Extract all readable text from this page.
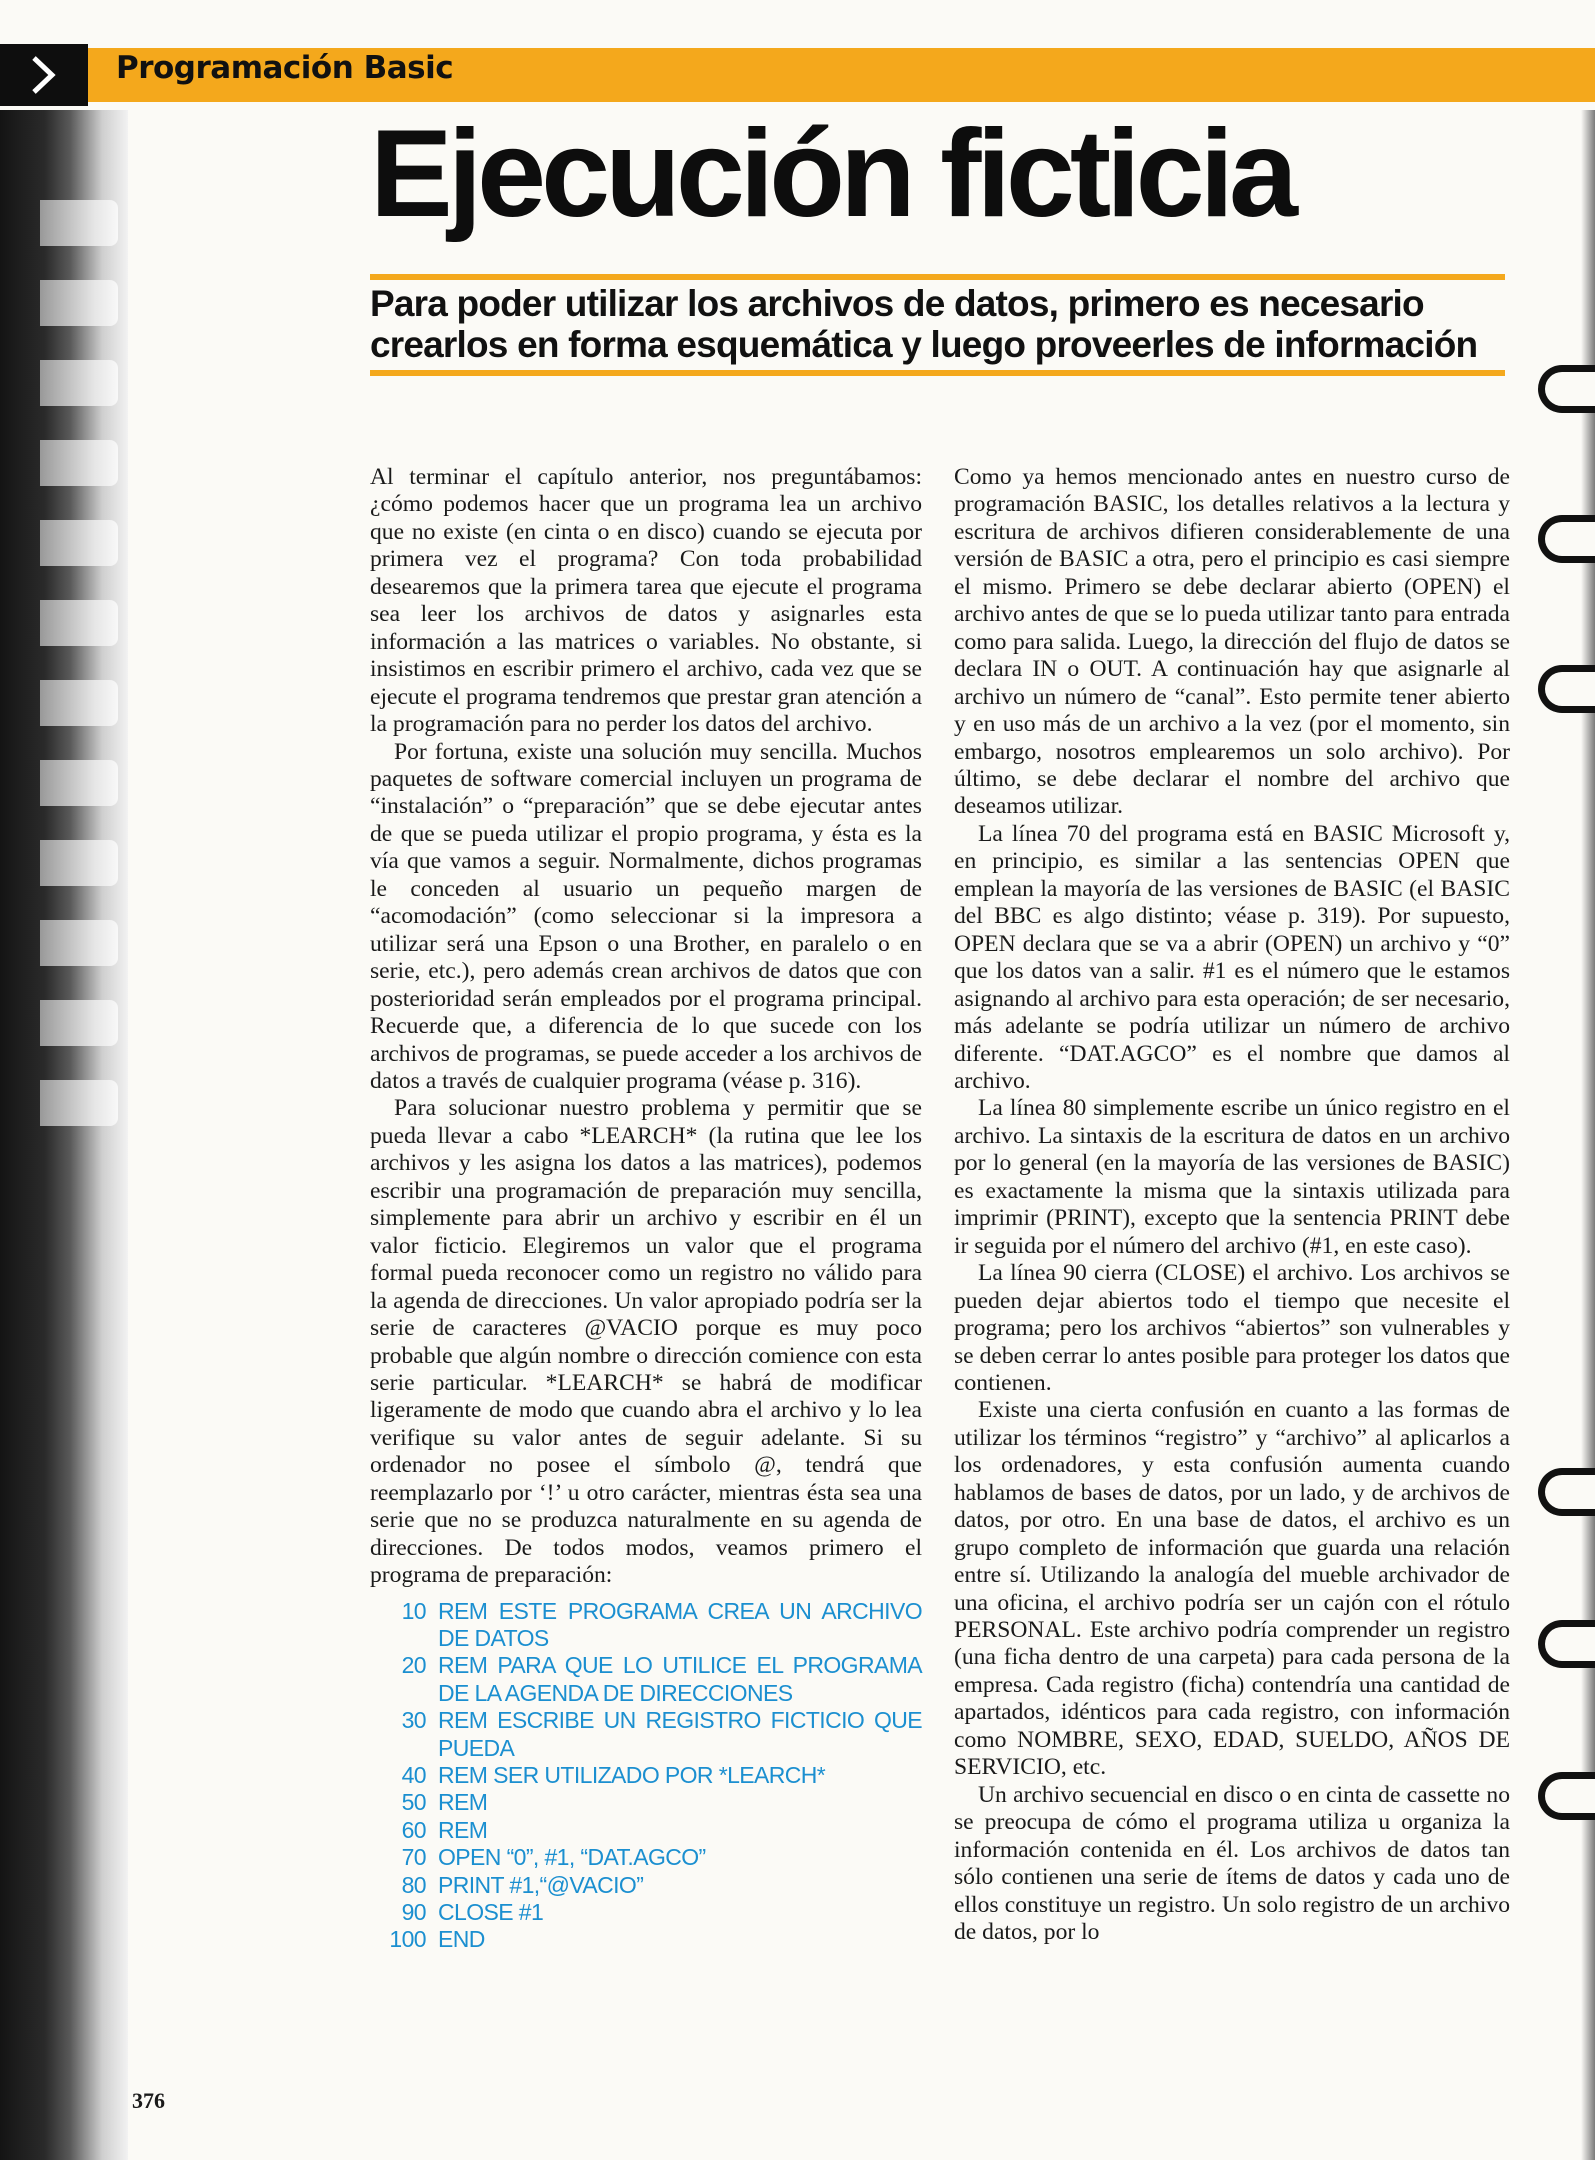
Programación Basic
Ejecución ficticia
Para poder utilizar los archivos de datos, primero es necesario crearlos en forma esquemática y luego proveerles de información

Al terminar el capítulo anterior, nos preguntábamos: ¿cómo podemos hacer que un programa lea un archivo que no existe (en cinta o en disco) cuando se ejecuta por primera vez el programa? Con toda probabilidad desearemos que la primera tarea que ejecute el programa sea leer los archivos de datos y asignarles esta información a las matrices o variables. No obstante, si insistimos en escribir primero el archivo, cada vez que se ejecute el programa tendremos que prestar gran atención a la programación para no perder los datos del archivo.

Por fortuna, existe una solución muy sencilla. Muchos paquetes de software comercial incluyen un programa de “instalación” o “preparación” que se debe ejecutar antes de que se pueda utilizar el propio programa, y ésta es la vía que vamos a seguir. Normalmente, dichos programas le conceden al usuario un pequeño margen de “acomodación” (como seleccionar si la impresora a utilizar será una Epson o una Brother, en paralelo o en serie, etc.), pero además crean archivos de datos que con posterioridad serán empleados por el programa principal. Recuerde que, a diferencia de lo que sucede con los archivos de programas, se puede acceder a los archivos de datos a través de cualquier programa (véase p. 316).

Para solucionar nuestro problema y permitir que se pueda llevar a cabo *LEARCH* (la rutina que lee los archivos y les asigna los datos a las matrices), podemos escribir una programación de preparación muy sencilla, simplemente para abrir un archivo y escribir en él un valor ficticio. Elegiremos un valor que el programa formal pueda reconocer como un registro no válido para la agenda de direcciones. Un valor apropiado podría ser la serie de caracteres @VACIO porque es muy poco probable que algún nombre o dirección comience con esta serie particular. *LEARCH* se habrá de modificar ligeramente de modo que cuando abra el archivo y lo lea verifique su valor antes de seguir adelante. Si su ordenador no posee el símbolo @, tendrá que reemplazarlo por ‘!’ u otro carácter, mientras ésta sea una serie que no se produzca naturalmente en su agenda de direcciones. De todos modos, veamos primero el programa de preparación:

10 REM ESTE PROGRAMA CREA UN ARCHIVO DE DATOS
20 REM PARA QUE LO UTILICE EL PROGRAMA DE LA AGENDA DE DIRECCIONES
30 REM ESCRIBE UN REGISTRO FICTICIO QUE PUEDA
40 REM SER UTILIZADO POR *LEARCH*
50 REM
60 REM
70 OPEN “0”, #1, “DAT.AGCO”
80 PRINT #1,“@VACIO”
90 CLOSE #1
100 END

Como ya hemos mencionado antes en nuestro curso de programación BASIC, los detalles relativos a la lectura y escritura de archivos difieren considerablemente de una versión de BASIC a otra, pero el principio es casi siempre el mismo. Primero se debe declarar abierto (OPEN) el archivo antes de que se lo pueda utilizar tanto para entrada como para salida. Luego, la dirección del flujo de datos se declara IN o OUT. A continuación hay que asignarle al archivo un número de “canal”. Esto permite tener abierto y en uso más de un archivo a la vez (por el momento, sin embargo, nosotros emplearemos un solo archivo). Por último, se debe declarar el nombre del archivo que deseamos utilizar.

La línea 70 del programa está en BASIC Microsoft y, en principio, es similar a las sentencias OPEN que emplean la mayoría de las versiones de BASIC (el BASIC del BBC es algo distinto; véase p. 319). Por supuesto, OPEN declara que se va a abrir (OPEN) un archivo y “0” que los datos van a salir. #1 es el número que le estamos asignando al archivo para esta operación; de ser necesario, más adelante se podría utilizar un número de archivo diferente. “DAT.AGCO” es el nombre que damos al archivo.

La línea 80 simplemente escribe un único registro en el archivo. La sintaxis de la escritura de datos en un archivo por lo general (en la mayoría de las versiones de BASIC) es exactamente la misma que la sintaxis utilizada para imprimir (PRINT), excepto que la sentencia PRINT debe ir seguida por el número del archivo (#1, en este caso).

La línea 90 cierra (CLOSE) el archivo. Los archivos se pueden dejar abiertos todo el tiempo que necesite el programa; pero los archivos “abiertos” son vulnerables y se deben cerrar lo antes posible para proteger los datos que contienen.

Existe una cierta confusión en cuanto a las formas de utilizar los términos “registro” y “archivo” al aplicarlos a los ordenadores, y esta confusión aumenta cuando hablamos de bases de datos, por un lado, y de archivos de datos, por otro. En una base de datos, el archivo es un grupo completo de información que guarda una relación entre sí. Utilizando la analogía del mueble archivador de una oficina, el archivo podría ser un cajón con el rótulo PERSONAL. Este archivo podría comprender un registro (una ficha dentro de una carpeta) para cada persona de la empresa. Cada registro (ficha) contendría una cantidad de apartados, idénticos para cada registro, con información como NOMBRE, SEXO, EDAD, SUELDO, AÑOS DE SERVICIO, etc.

Un archivo secuencial en disco o en cinta de cassette no se preocupa de cómo el programa utiliza u organiza la información contenida en él. Los archivos de datos tan sólo contienen una serie de ítems de datos y cada uno de ellos constituye un registro. Un solo registro de un archivo de datos, por lo

376
